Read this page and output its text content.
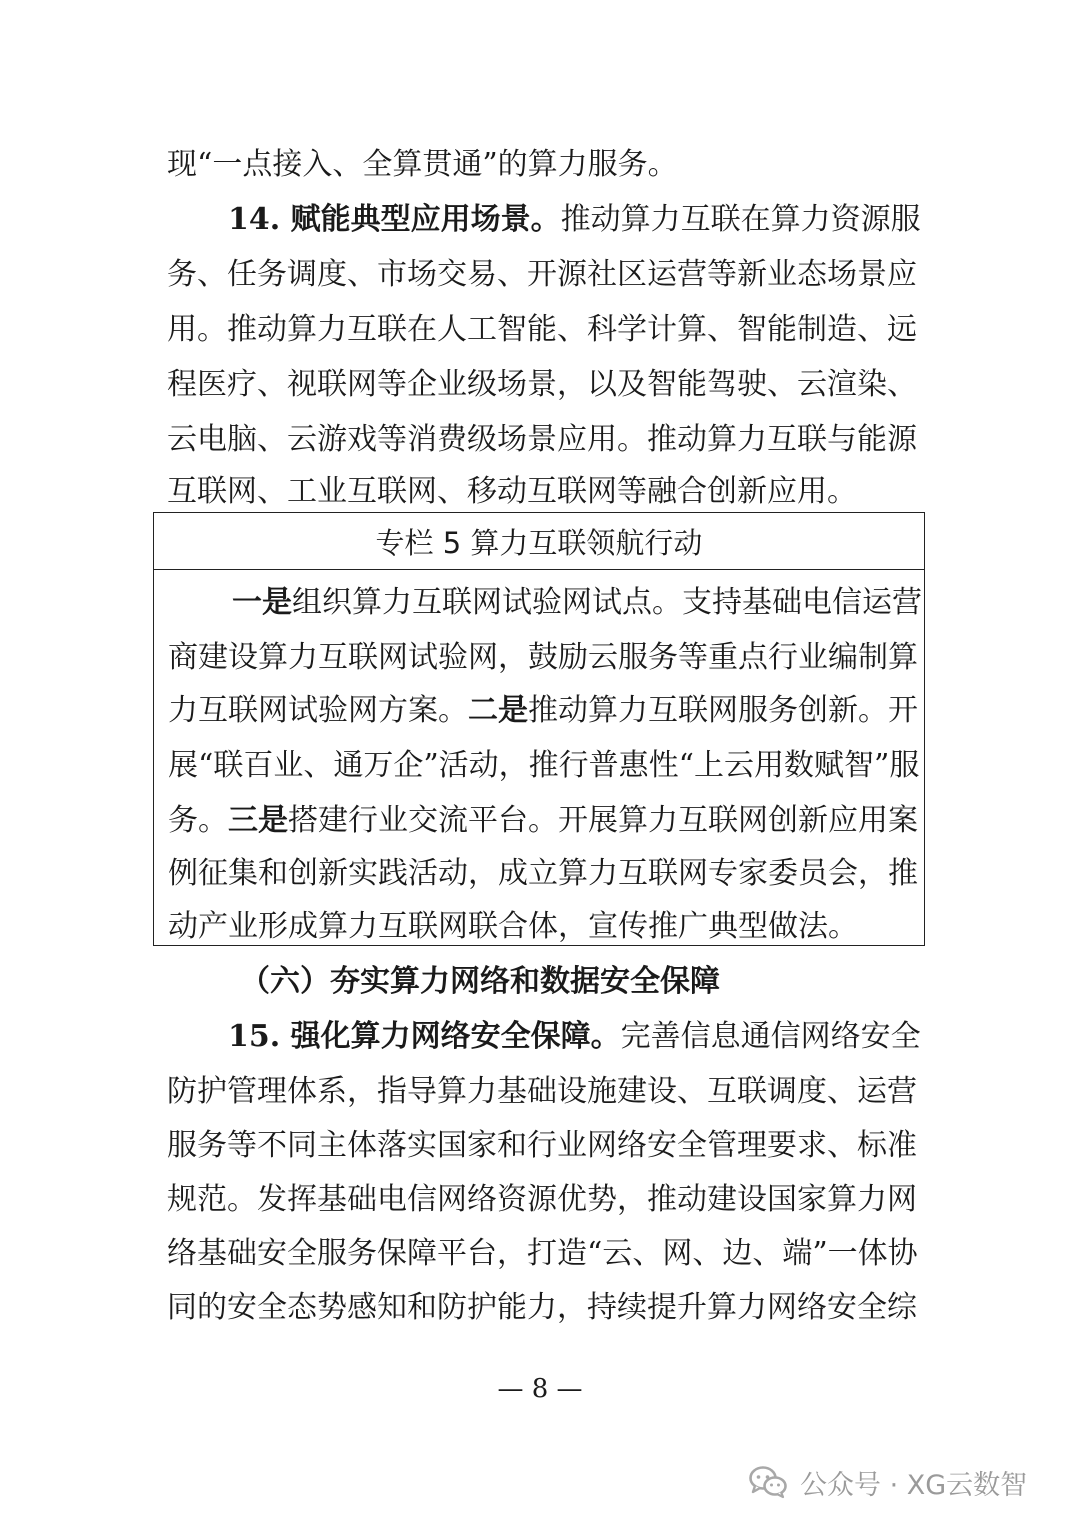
现“一点接入、全算贯通”的算力服务。
14. 赋能典型应用场景。推动算力互联在算力资源服
务、任务调度、市场交易、开源社区运营等新业态场景应
用。推动算力互联在人工智能、科学计算、智能制造、远
程医疗、视联网等企业级场景，以及智能驾驶、云渲染、
云电脑、云游戏等消费级场景应用。推动算力互联与能源
互联网、工业互联网、移动互联网等融合创新应用。
专栏 5 算力互联领航行动
一是组织算力互联网试验网试点。支持基础电信运营
商建设算力互联网试验网，鼓励云服务等重点行业编制算
力互联网试验网方案。二是推动算力互联网服务创新。开
展“联百业、通万企”活动，推行普惠性“上云用数赋智”服
务。三是搭建行业交流平台。开展算力互联网创新应用案
例征集和创新实践活动，成立算力互联网专家委员会，推
动产业形成算力互联网联合体，宣传推广典型做法。
（六）夯实算力网络和数据安全保障
15. 强化算力网络安全保障。完善信息通信网络安全
防护管理体系，指导算力基础设施建设、互联调度、运营
服务等不同主体落实国家和行业网络安全管理要求、标准
规范。发挥基础电信网络资源优势，推动建设国家算力网
络基础安全服务保障平台，打造“云、网、边、端”一体协
同的安全态势感知和防护能力，持续提升算力网络安全综
— 8 —
公众号 · XG云数智
